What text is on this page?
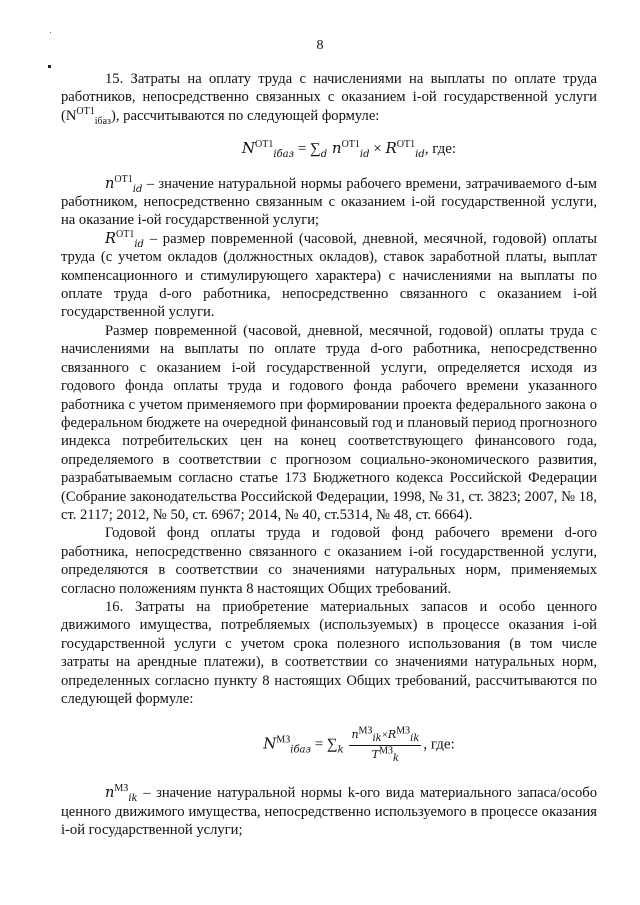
8

15. Затраты на оплату труда с начислениями на выплаты по оплате труда работников, непосредственно связанных с оказанием i-ой государственной услуги $(N^{ОТ1}_{iбаз})$, рассчитываются по следующей формуле:

$N^{ОТ1}_{iбаз} = \sum_d$ $n^{ОТ1}_{id} \times R^{ОТ1}_{id}$, где:

$n^{ОТ1}_{id}$ – значение натуральной нормы рабочего времени, затрачиваемого d-ым работником, непосредственно связанным с оказанием i-ой государственной услуги, на оказание i-ой государственной услуги;

$R^{ОТ1}_{id}$ – размер повременной (часовой, дневной, месячной, годовой) оплаты труда (с учетом окладов (должностных окладов), ставок заработной платы, выплат компенсационного и стимулирующего характера) с начислениями на выплаты по оплате труда d-ого работника, непосредственно связанного с оказанием i-ой государственной услуги.

Размер повременной (часовой, дневной, месячной, годовой) оплаты труда с начислениями на выплаты по оплате труда d-ого работника, непосредственно связанного с оказанием i-ой государственной услуги, определяется исходя из годового фонда оплаты труда и годового фонда рабочего времени указанного работника с учетом применяемого при формировании проекта федерального закона о федеральном бюджете на очередной финансовый год и плановый период прогнозного индекса потребительских цен на конец соответствующего финансового года, определяемого в соответствии с прогнозом социально-экономического развития, разрабатываемым согласно статье 173 Бюджетного кодекса Российской Федерации (Собрание законодательства Российской Федерации, 1998, № 31, ст. 3823; 2007, № 18, ст. 2117; 2012, № 50, ст. 6967; 2014, № 40, ст.5314, № 48, ст. 6664).

Годовой фонд оплаты труда и годовой фонд рабочего времени d-ого работника, непосредственно связанного с оказанием i-ой государственной услуги, определяются в соответствии со значениями натуральных норм, применяемых согласно положениям пункта 8 настоящих Общих требований.

16. Затраты на приобретение материальных запасов и особо ценного движимого имущества, потребляемых (используемых) в процессе оказания i-ой государственной услуги с учетом срока полезного использования (в том числе затраты на арендные платежи), в соответствии со значениями натуральных норм, определенных согласно пункту 8 настоящих Общих требований, рассчитываются по следующей формуле:

$N^{МЗ}_{iбаз} = \sum_k \frac{n^{МЗ}_{ik}\times R^{МЗ}_{ik}}{T^{МЗ}_k}$ , где:

$n^{МЗ}_{ik}$ – значение натуральной нормы k-ого вида материального запаса/особо ценного движимого имущества, непосредственно используемого в процессе оказания i-ой государственной услуги;
